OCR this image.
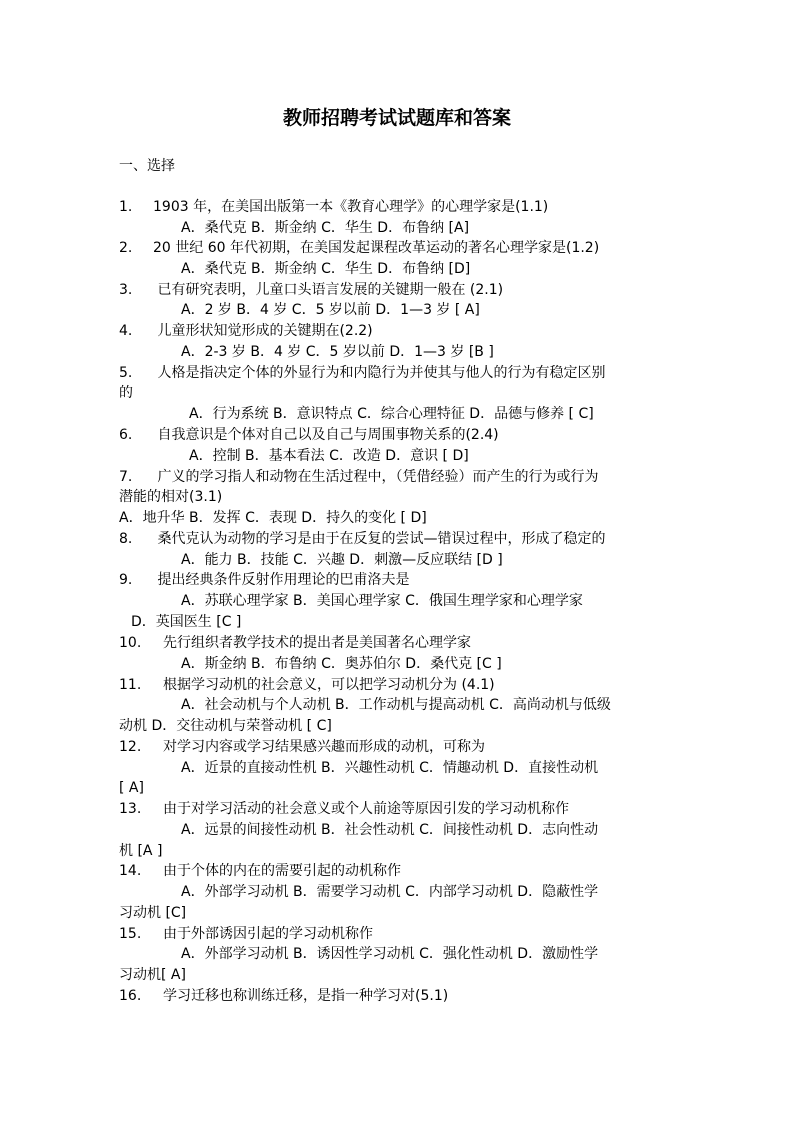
教师招聘考试试题库和答案
一、选择
1. 1903 年，在美国出版第一本《教育心理学》的心理学家是(1.1)
A．桑代克 B．斯金纳 C．华生 D．布鲁纳 [A]
2. 20 世纪 60 年代初期，在美国发起课程改革运动的著名心理学家是(1.2)
A．桑代克 B．斯金纳 C．华生 D．布鲁纳 [D]
3. 已有研究表明，儿童口头语言发展的关键期一般在 (2.1)
A．2 岁 B．4 岁 C．5 岁以前 D．1—3 岁 [ A]
4. 儿童形状知觉形成的关键期在(2.2)
A．2-3 岁 B．4 岁 C．5 岁以前 D．1—3 岁 [B ]
5. 人格是指决定个体的外显行为和内隐行为并使其与他人的行为有稳定区别
的
A．行为系统 B．意识特点 C．综合心理特征 D．品德与修养 [ C]
6. 自我意识是个体对自己以及自己与周围事物关系的(2.4)
A．控制 B．基本看法 C．改造 D．意识 [ D]
7. 广义的学习指人和动物在生活过程中，（凭借经验）而产生的行为或行为
潜能的相对(3.1)
A．地升华 B．发挥 C．表现 D．持久的变化 [ D]
8. 桑代克认为动物的学习是由于在反复的尝试—错误过程中，形成了稳定的
A．能力 B．技能 C．兴趣 D．刺激—反应联结 [D ]
9. 提出经典条件反射作用理论的巴甫洛夫是
A．苏联心理学家 B．美国心理学家 C．俄国生理学家和心理学家
D．英国医生 [C ]
10. 先行组织者教学技术的提出者是美国著名心理学家
A．斯金纳 B．布鲁纳 C．奥苏伯尔 D．桑代克 [C ]
11. 根据学习动机的社会意义，可以把学习动机分为 (4.1)
A．社会动机与个人动机 B．工作动机与提高动机 C．高尚动机与低级
动机 D．交往动机与荣誉动机 [ C]
12. 对学习内容或学习结果感兴趣而形成的动机，可称为
A．近景的直接动性机 B．兴趣性动机 C．情趣动机 D．直接性动机
[ A]
13. 由于对学习活动的社会意义或个人前途等原因引发的学习动机称作
A．远景的间接性动机 B．社会性动机 C．间接性动机 D．志向性动
机 [A ]
14. 由于个体的内在的需要引起的动机称作
A．外部学习动机 B．需要学习动机 C．内部学习动机 D．隐蔽性学
习动机 [C]
15. 由于外部诱因引起的学习动机称作
A．外部学习动机 B．诱因性学习动机 C．强化性动机 D．激励性学
习动机[ A]
16. 学习迁移也称训练迁移，是指一种学习对(5.1)
